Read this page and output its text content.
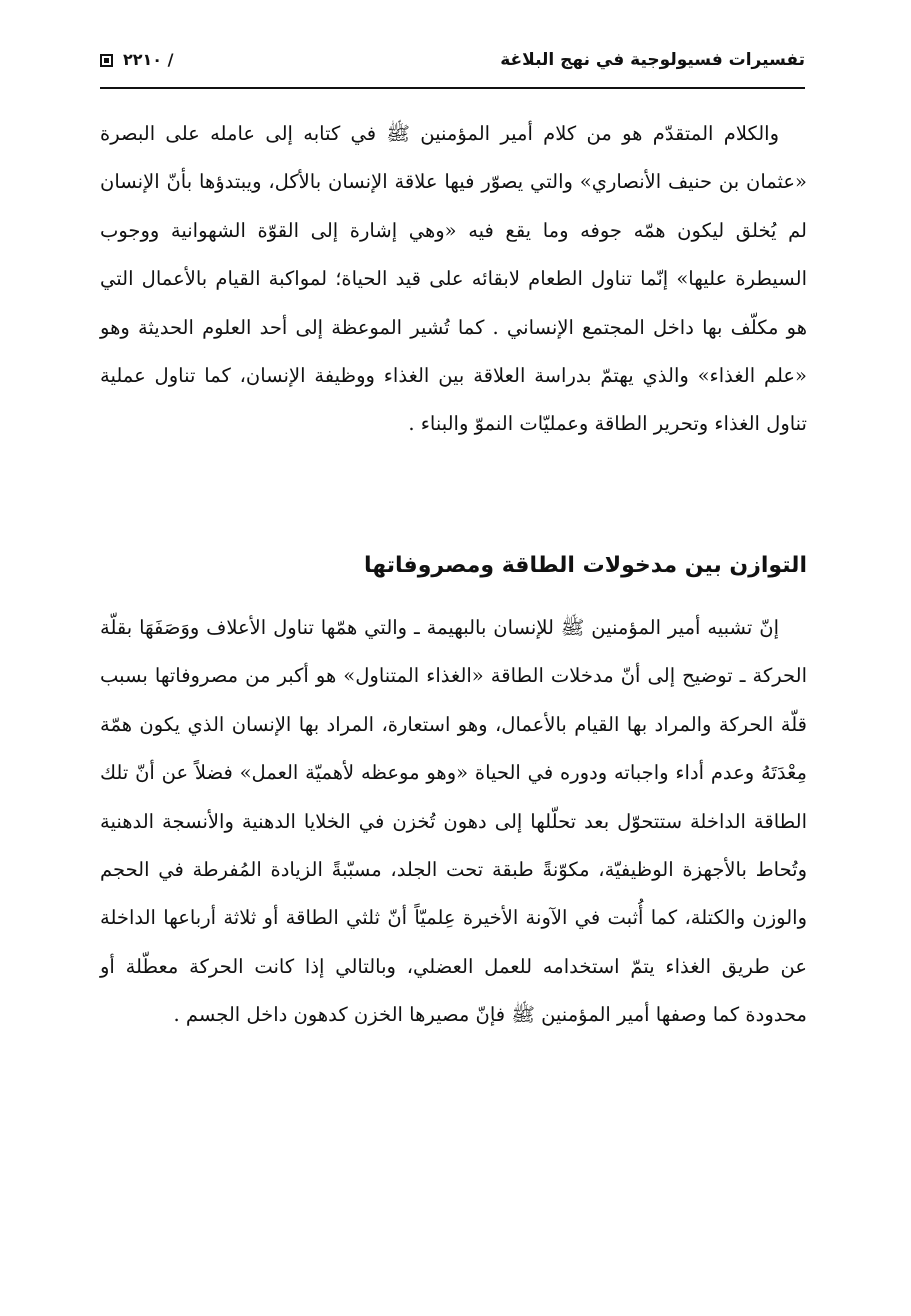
تفسيرات فسيولوجية في نهج البلاغة
٢٢١٠ /

والكلام المتقدّم هو من كلام أمير المؤمنين ﷺ في كتابه إلى عامله على البصرة «عثمان بن حنيف الأنصاري» والتي يصوّر فيها علاقة الإنسان بالأكل، ويبتدؤها بأنّ الإنسان لم يُخلق ليكون همّه جوفه وما يقع فيه «وهي إشارة إلى القوّة الشهوانية ووجوب السيطرة عليها» إنّما تناول الطعام لابقائه على قيد الحياة؛ لمواكبة القيام بالأعمال التي هو مكلّف بها داخل المجتمع الإنساني . كما تُشير الموعظة إلى أحد العلوم الحديثة وهو «علم الغذاء» والذي يهتمّ بدراسة العلاقة بين الغذاء ووظيفة الإنسان، كما تناول عملية تناول الغذاء وتحرير الطاقة وعمليّات النموّ والبناء .

التوازن بين مدخولات الطاقة ومصروفاتها

إنّ تشبيه أمير المؤمنين ﷺ للإنسان بالبهيمة ـ والتي همّها تناول الأعلاف ووَصَفَهَا بقلّة الحركة ـ توضيح إلى أنّ مدخلات الطاقة «الغذاء المتناول» هو أكبر من مصروفاتها بسبب قلّة الحركة والمراد بها القيام بالأعمال، وهو استعارة، المراد بها الإنسان الذي يكون همّة مِعْدَتَهُ وعدم أداء واجباته ودوره في الحياة «وهو موعظه لأهميّة العمل» فضلاً عن أنّ تلك الطاقة الداخلة ستتحوّل بعد تحلّلها إلى دهون تُخزن في الخلايا الدهنية والأنسجة الدهنية وتُحاط بالأجهزة الوظيفيّة، مكوّنةً طبقة تحت الجلد، مسبّبةً الزيادة المُفرطة في الحجم والوزن والكتلة، كما أُثبت في الآونة الأخيرة عِلميّاً أنّ ثلثي الطاقة أو ثلاثة أرباعها الداخلة عن طريق الغذاء يتمّ استخدامه للعمل العضلي، وبالتالي إذا كانت الحركة معطّلة أو محدودة كما وصفها أمير المؤمنين ﷺ فإنّ مصيرها الخزن كدهون داخل الجسم .
